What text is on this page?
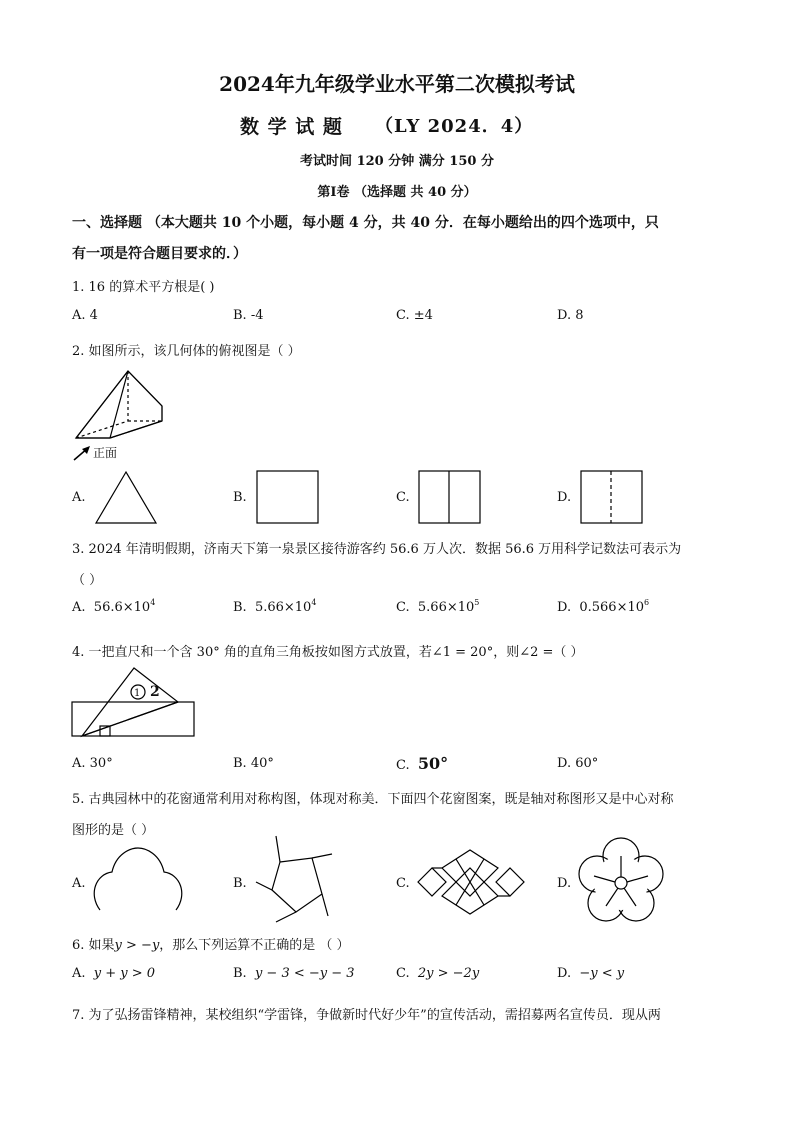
2024年九年级学业水平第二次模拟考试
数 学 试 题 （LY 2024．4）
考试时间 120 分钟 满分 150 分
第Ⅰ卷 （选择题 共 40 分）
一、选择题 （本大题共 10 个小题，每小题 4 分，共 40 分．在每小题给出的四个选项中，只
有一项是符合题目要求的．）
1. 16 的算术平方根是( )
A. 4	B. -4	C. ±4	D. 8
2. 如图所示，该几何体的俯视图是（ ）
正面
A.	B.	C.	D.
3. 2024 年清明假期，济南天下第一泉景区接待游客约 56.6 万人次．数据 56.6 万用科学记数法可表示为
（ ）
A. $56.6\times 10^4$	B. $5.66\times 10^4$	C. $5.66\times 10^5$	D. $0.566\times 10^6$
4. 一把直尺和一个含 30° 角的直角三角板按如图方式放置，若∠1 = 20°，则∠2 =（ ）
1 2
A. 30°	B. 40°	C. 50°	D. 60°
5. 古典园林中的花窗通常利用对称构图，体现对称美．下面四个花窗图案，既是轴对称图形又是中心对称
图形的是（ ）
A.	B.	C.	D.
6. 如果y > −y，那么下列运算不正确的是 （ ）
A. y + y > 0	B. y − 3 < −y − 3	C. 2y > −2y	D. −y < y
7. 为了弘扬雷锋精神，某校组织“学雷锋，争做新时代好少年”的宣传活动，需招募两名宣传员．现从两
